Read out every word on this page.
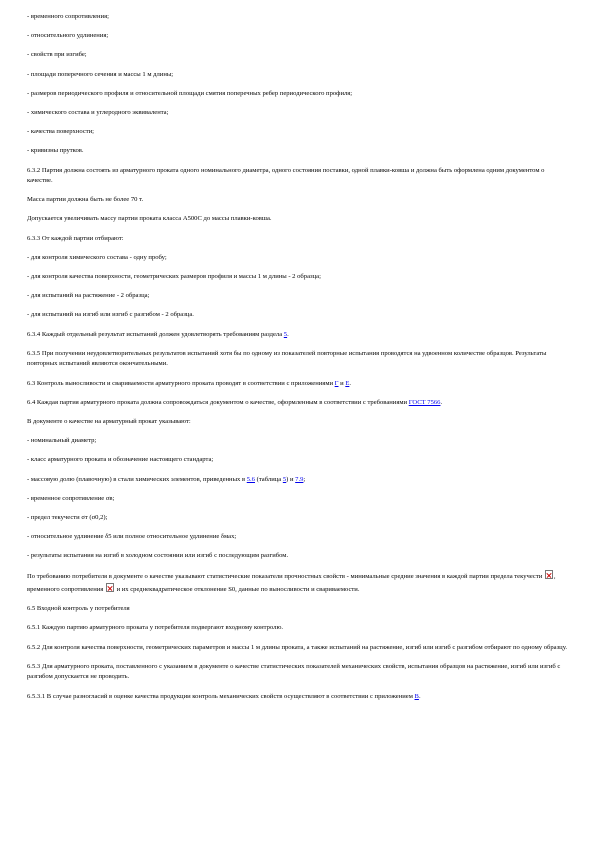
- временного сопротивления;

- относительного удлинения;

- свойств при изгибе;

- площади поперечного сечения и массы 1 м длины;

- размеров периодического профиля и относительной площади смятия поперечных ребер периодического профиля;

- химического состава и углеродного эквивалента;

- качества поверхности;

- кривизны прутков.

6.3.2 Партия должна состоять из арматурного проката одного номинального диаметра, одного состояния поставки, одной плавки-ковша и должна быть оформлена одним документом о качестве.

Масса партии должна быть не более 70 т.

Допускается увеличивать массу партии проката класса А500С до массы плавки-ковша.

6.3.3 От каждой партии отбирают:

- для контроля химического состава - одну пробу;

- для контроля качества поверхности, геометрических размеров профиля и массы 1 м длины - 2 образца;

- для испытаний на растяжение - 2 образца;

- для испытаний на изгиб или изгиб с разгибом - 2 образца.

6.3.4 Каждый отдельный результат испытаний должен удовлетворять требованиям раздела 5.

6.3.5 При получении неудовлетворительных результатов испытаний хотя бы по одному из показателей повторные испытания проводятся на удвоенном количестве образцов. Результаты повторных испытаний являются окончательными.

6.3 Контроль выносливости и свариваемости арматурного проката проводят в соответствии с приложениями Г и Е.

6.4 Каждая партия арматурного проката должна сопровождаться документом о качестве, оформленным в соответствии с требованиями ГОСТ 7566.

В документе о качестве на арматурный прокат указывают:

- номинальный диаметр;

- класс арматурного проката и обозначение настоящего стандарта;

- массовую долю (плавочную) в стали химических элементов, приведенных в 5.6 (таблица 5) и 7.9;

- временное сопротивление σв;

- предел текучести σт (σ0,2);

- относительное удлинение δ5 или полное относительное удлинение δмах;

- результаты испытания на изгиб в холодном состоянии или изгиб с последующим разгибом.

По требованию потребителя в документе о качестве указывают статистические показатели прочностных свойств - минимальные средние значения в каждой партии предела текучести , временного сопротивления  и их среднеквадратическое отклонение S0, данные по выносливости и свариваемости.

6.5 Входной контроль у потребителя

6.5.1 Каждую партию арматурного проката у потребителя подвергают входному контролю.

6.5.2 Для контроля качества поверхности, геометрических параметров и массы 1 м длины проката, а также испытаний на растяжение, изгиб или изгиб с разгибом отбирают по одному образцу.

6.5.3 Для арматурного проката, поставленного с указанием в документе о качестве статистических показателей механических свойств, испытания образцов на растяжение, изгиб или изгиб с разгибом допускается не проводить.

6.5.3.1 В случае разногласий в оценке качества продукции контроль механических свойств осуществляют в соответствии с приложением В.
